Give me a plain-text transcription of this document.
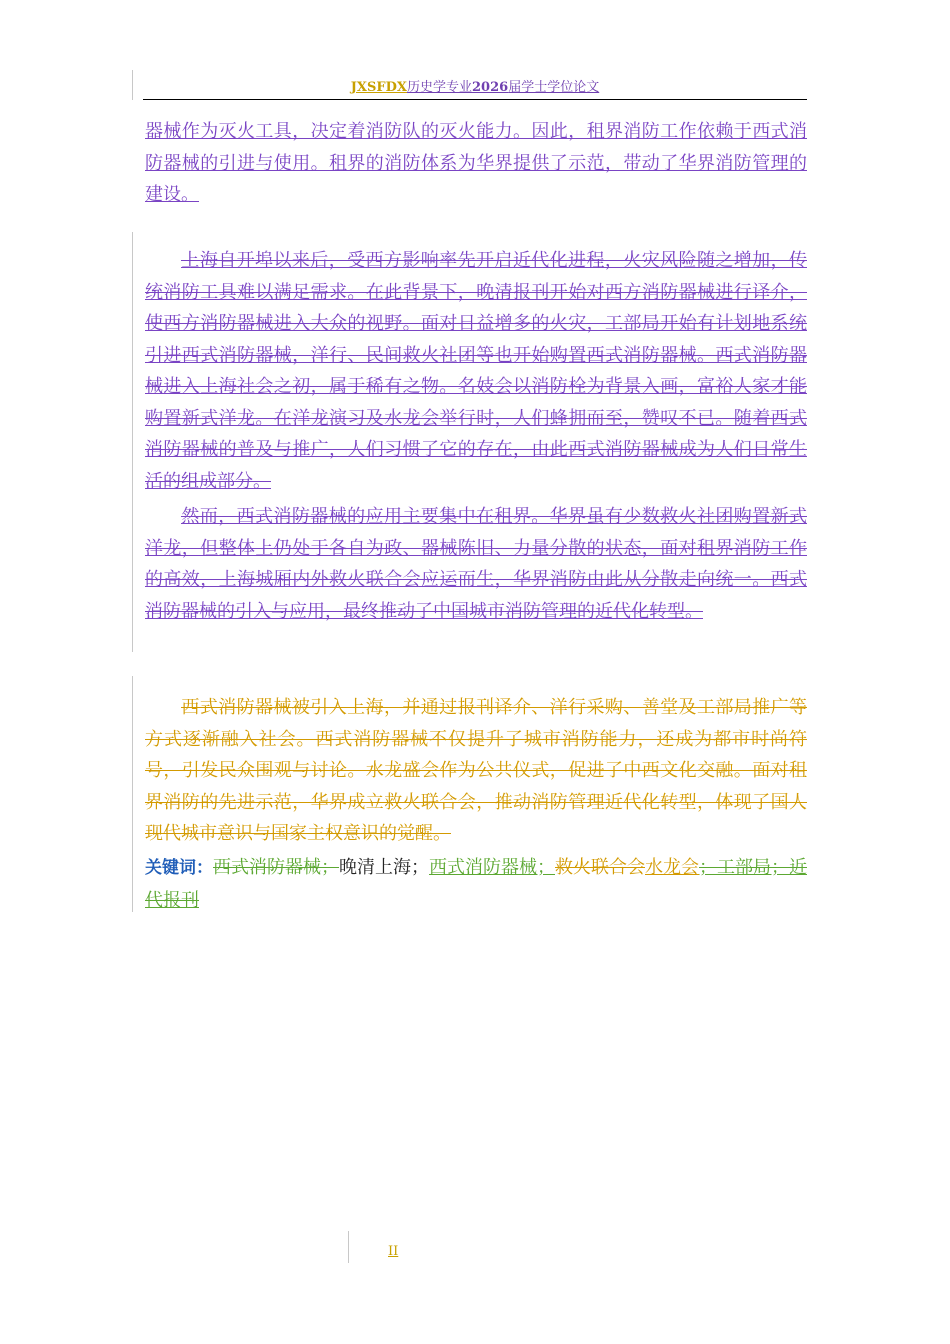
JXSFDX历史学专业2026届学士学位论文
器械作为灭火工具，决定着消防队的灭火能力。因此，租界消防工作依赖于西式消防器械的引进与使用。租界的消防体系为华界提供了示范，带动了华界消防管理的建设。
上海自开埠以来后，受西方影响率先开启近代化进程，火灾风险随之增加，传统消防工具难以满足需求。在此背景下，晚清报刊开始对西方消防器械进行译介，使西方消防器械进入大众的视野。面对日益增多的火灾，工部局开始有计划地系统引进西式消防器械，洋行、民间救火社团等也开始购置西式消防器械。西式消防器械进入上海社会之初，属于稀有之物。名妓会以消防栓为背景入画，富裕人家才能购置新式洋龙。在洋龙演习及水龙会举行时，人们蜂拥而至，赞叹不已。随着西式消防器械的普及与推广，人们习惯了它的存在，由此西式消防器械成为人们日常生活的组成部分。
然而，西式消防器械的应用主要集中在租界。华界虽有少数救火社团购置新式洋龙，但整体上仍处于各自为政、器械陈旧、力量分散的状态，面对租界消防工作的高效，上海城厢内外救火联合会应运而生，华界消防由此从分散走向统一。西式消防器械的引入与应用，最终推动了中国城市消防管理的近代化转型。
西式消防器械被引入上海，并通过报刊译介、洋行采购、善堂及工部局推广等方式逐渐融入社会。西式消防器械不仅提升了城市消防能力，还成为都市时尚符号，引发民众围观与讨论。水龙盛会作为公共仪式，促进了中西文化交融。面对租界消防的先进示范，华界成立救火联合会，推动消防管理近代化转型，体现了国人现代城市意识与国家主权意识的觉醒。
关键词：西式消防器械；晚清上海；西式消防器械；救火联合会水龙会；工部局；近代报刊
II
